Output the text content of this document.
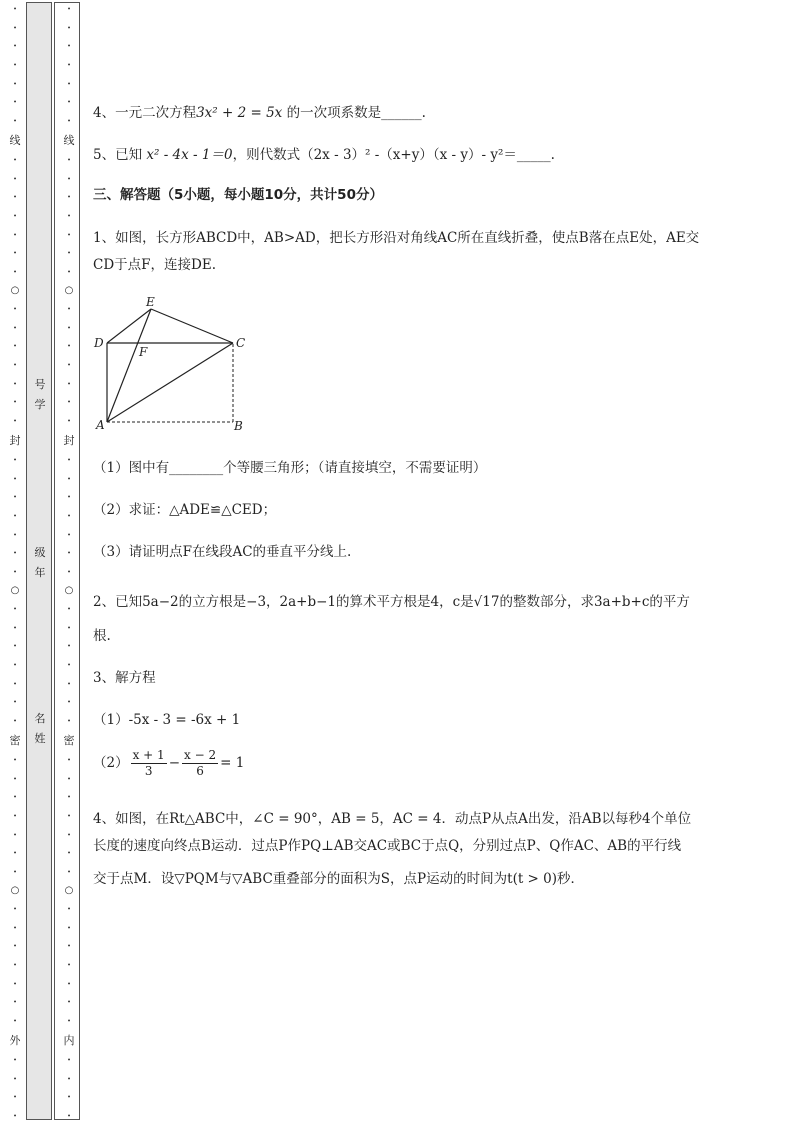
•
•
•
•
•
•
•
线
•
•
•
•
•
•
•
○
•
•
•
•
•
•
•
封
•
•
•
•
•
•
•
○
•
•
•
•
•
•
•
密
•
•
•
•
•
•
•
○
•
•
•
•
•
•
•
外
•
•
•
•
号
学
级
年
名
姓
•
•
•
•
•
•
•
线
•
•
•
•
•
•
•
○
•
•
•
•
•
•
•
封
•
•
•
•
•
•
•
○
•
•
•
•
•
•
•
密
•
•
•
•
•
•
•
○
•
•
•
•
•
•
•
内
•
•
•
•
4、一元二次方程3x² + 2 = 5x 的一次项系数是______.
5、已知 x² - 4x - 1＝0，则代数式（2x - 3）² -（x+y）（x - y）- y²＝_____.
三、解答题（5小题，每小题10分，共计50分）
1、如图，长方形ABCD中，AB>AD，把长方形沿对角线AC所在直线折叠，使点B落在点E处，AE交
CD于点F，连接DE.
E
D
F
C
A	B
（1）图中有________个等腰三角形；（请直接填空，不需要证明）
（2）求证：△ADE≌△CED；
（3）请证明点F在线段AC的垂直平分线上.
2、已知5a−2的立方根是−3，2a+b−1的算术平方根是4，c是√17的整数部分，求3a+b+c的平方
根.
3、解方程
（1）-5x - 3 = -6x + 1
$(2) \frac{x + 1}{3} - \frac{x - 2}{6} = 1$
4、如图，在Rt△ABC中，∠C = 90°，AB = 5，AC = 4．动点P从点A出发，沿AB以每秒4个单位
长度的速度向终点B运动．过点P作PQ⊥AB交AC或BC于点Q，分别过点P、Q作AC、AB的平行线
交于点M．设▽PQM与▽ABC重叠部分的面积为S，点P运动的时间为t(t > 0)秒．
